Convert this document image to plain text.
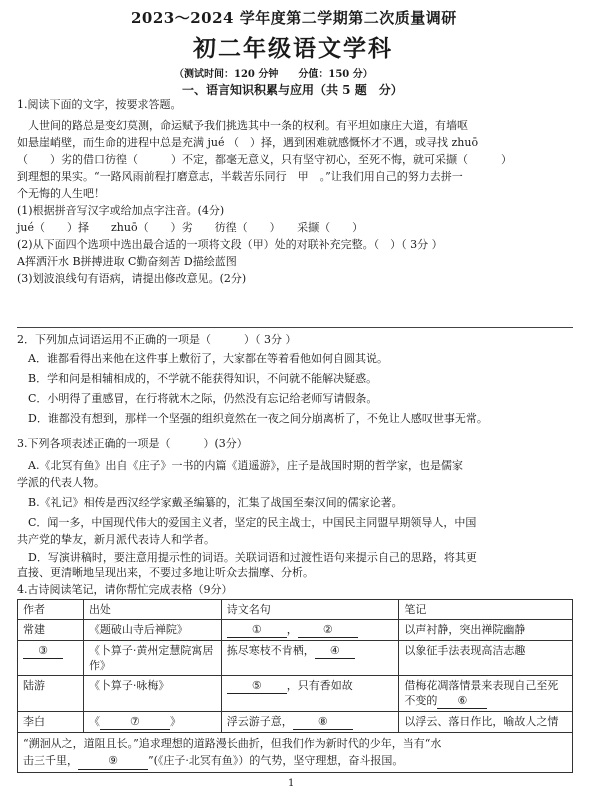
2023～2024 学年度第二学期第二次质量调研
初二年级语文学科
（测试时间：120 分钟　　分值：150 分）
一、语言知识积累与应用（共 5 题　分）
1.阅读下面的文字，按要求答题。
人世间的路总是变幻莫测，命运赋予我们挑选其中一条的权利。有平坦如康庄大道，有墙呕
如悬崖峭壁，而生命的进程中总是充满 jué （　）择，遇到困难就感慨怀才不遇，或寻找 zhuō
（　　）劣的借口彷徨（　　　）不定，都毫无意义，只有坚守初心，至死不悔，就可采撷（　　　）
到理想的果实。“一路风雨前程打磨意志，半载苦乐同行　甲　。”让我们用自己的努力去拼一
个无悔的人生吧！
(1)根据拼音写汉字或给加点字注音。(4分)
jué（　　）择　　zhuō（　　）劣　　彷徨（　　）　　采撷（　　）
(2)从下面四个选项中选出最合适的一项将文段（甲）处的对联补充完整。（　）（ 3分 ）
A挥洒汗水 B拼搏进取 C勤奋刻苦 D描绘蓝图
(3)划波浪线句有语病，请提出修改意见。(2分)
2．下列加点词语运用不正确的一项是（　　　）（ 3分 ）
A．谁都看得出来他在这件事上敷衍了，大家都在等着看他如何自圆其说。
B．学和问是相辅相成的，不学就不能获得知识，不问就不能解决疑惑。
C．小明得了重感冒，在行将就木之际，仍然没有忘记给老师写请假条。
D．谁都没有想到，那样一个坚强的组织竟然在一夜之间分崩离析了，不免让人感叹世事无常。
3.下列各项表述正确的一项是（　　　）(3分）
A.《北冥有鱼》出自《庄子》一书的内篇《逍遥游》，庄子是战国时期的哲学家，也是儒家
学派的代表人物。
B.《礼记》相传是西汉经学家戴圣编纂的，汇集了战国至秦汉间的儒家论著。
C．闻一多，中国现代伟大的爱国主义者，坚定的民主战士，中国民主同盟早期领导人，中国
共产党的挚友，新月派代表诗人和学者。
D．写演讲稿时，要注意用提示性的词语。关联词语和过渡性语句来提示自己的思路，将其更
直接、更清晰地呈现出来，不要过多地让听众去揣摩、分析。
4.古诗阅读笔记，请你帮忙完成表格（9分）
作者	出处	诗文名句	笔记
常建	《题破山寺后禅院》	① ， ②	以声衬静，突出禅院幽静
③	《卜算子·黄州定慧院寓居作》	拣尽寒枝不肯栖， ④	以象征手法表现高洁志趣
陆游	《卜算子·咏梅》	⑤ ，只有香如故	借梅花凋落情景来表现自己至死不变的 ⑥
李白	《 ⑦ 》	浮云游子意， ⑧	以浮云、落日作比，喻故人之情

“溯洄从之，道阻且长。”追求理想的道路漫长曲折，但我们作为新时代的少年，当有“水
击三千里， ⑨ ”(《庄子·北冥有鱼》）的气势，坚守理想，奋斗报国。			
1
